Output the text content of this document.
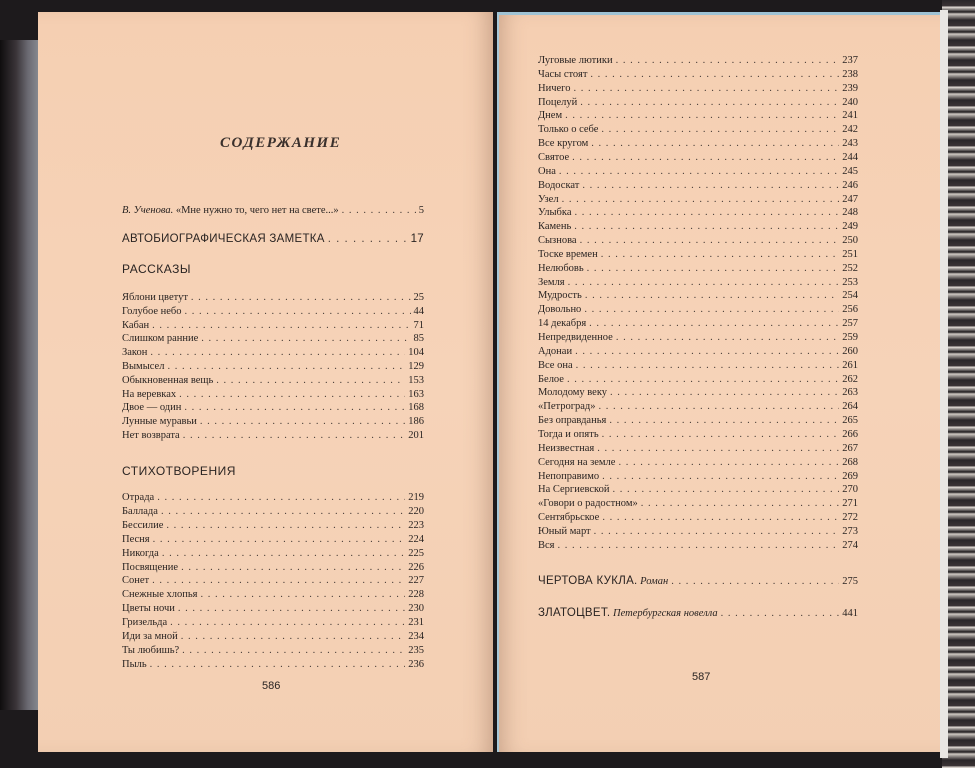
СОДЕРЖАНИЕ
В. Ученова. «Мне нужно то, чего нет на свете...» . . .	5
АВТОБИОГРАФИЧЕСКАЯ ЗАМЕТКА . . .	17
РАССКАЗЫ
Яблони цветут . . .	25
Голубое небо . . .	44
Кабан . . .	71
Слишком ранние . . .	85
Закон . . .	104
Вымысел . . .	129
Обыкновенная вещь . . .	153
На веревках . . .	163
Двое — один . . .	168
Лунные муравьи . . .	186
Нет возврата . . .	201
СТИХОТВОРЕНИЯ
Отрада . . .	219
Баллада . . .	220
Бессилие . . .	223
Песня . . .	224
Никогда . . .	225
Посвящение . . .	226
Сонет . . .	227
Снежные хлопья . . .	228
Цветы ночи . . .	230
Гризельда . . .	231
Иди за мной . . .	234
Ты любишь? . . .	235
Пыль . . .	236
586
Луговые лютики . . .	237
Часы стоят . . .	238
Ничего . . .	239
Поцелуй . . .	240
Днем . . .	241
Только о себе . . .	242
Все кругом . . .	243
Святое . . .	244
Она . . .	245
Водоскат . . .	246
Узел . . .	247
Улыбка . . .	248
Камень . . .	249
Сызнова . . .	250
Тоске времен . . .	251
Нелюбовь . . .	252
Земля . . .	253
Мудрость . . .	254
Довольно . . .	256
14 декабря . . .	257
Непредвиденное . . .	259
Адонаи . . .	260
Все она . . .	261
Белое . . .	262
Молодому веку . . .	263
«Петроград» . . .	264
Без оправданья . . .	265
Тогда и опять . . .	266
Неизвестная . . .	267
Сегодня на земле . . .	268
Непоправимо . . .	269
На Сергиевской . . .	270
«Говори о радостном» . . .	271
Сентябрьское . . .	272
Юный март . . .	273
Вся . . .	274
ЧЕРТОВА КУКЛА. Роман . . .	275
ЗЛАТОЦВЕТ. Петербургская новелла . . .	441
587
